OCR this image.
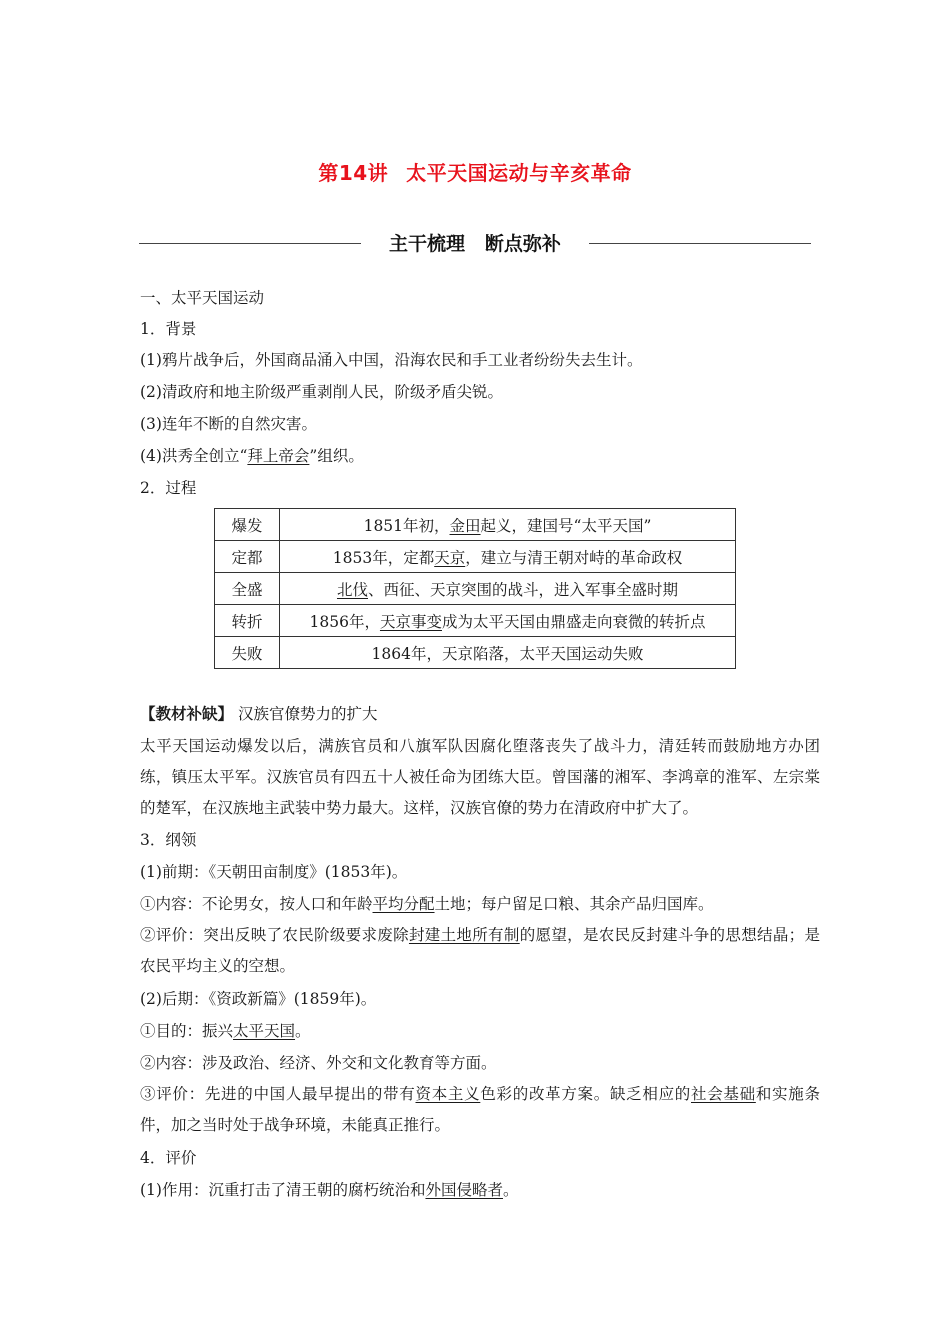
第14讲 太平天国运动与辛亥革命
主干梳理 断点弥补
一、太平天国运动
1．背景
(1)鸦片战争后，外国商品涌入中国，沿海农民和手工业者纷纷失去生计。
(2)清政府和地主阶级严重剥削人民，阶级矛盾尖锐。
(3)连年不断的自然灾害。
(4)洪秀全创立“拜上帝会”组织。
2．过程
爆发	1851年初，金田起义，建国号“太平天国”
定都	1853年，定都天京，建立与清王朝对峙的革命政权
全盛	北伐、西征、天京突围的战斗，进入军事全盛时期
转折	1856年，天京事变成为太平天国由鼎盛走向衰微的转折点
失败	1864年，天京陷落，太平天国运动失败
【教材补缺】 汉族官僚势力的扩大
太平天国运动爆发以后，满族官员和八旗军队因腐化堕落丧失了战斗力，清廷转而鼓励地方办团练，镇压太平军。汉族官员有四五十人被任命为团练大臣。曾国藩的湘军、李鸿章的淮军、左宗棠的楚军，在汉族地主武装中势力最大。这样，汉族官僚的势力在清政府中扩大了。
3．纲领
(1)前期：《天朝田亩制度》(1853年)。
①内容：不论男女，按人口和年龄平均分配土地；每户留足口粮、其余产品归国库。
②评价：突出反映了农民阶级要求废除封建土地所有制的愿望，是农民反封建斗争的思想结晶；是农民平均主义的空想。
(2)后期：《资政新篇》(1859年)。
①目的：振兴太平天国。
②内容：涉及政治、经济、外交和文化教育等方面。
③评价：先进的中国人最早提出的带有资本主义色彩的改革方案。缺乏相应的社会基础和实施条件，加之当时处于战争环境，未能真正推行。
4．评价
(1)作用：沉重打击了清王朝的腐朽统治和外国侵略者。
